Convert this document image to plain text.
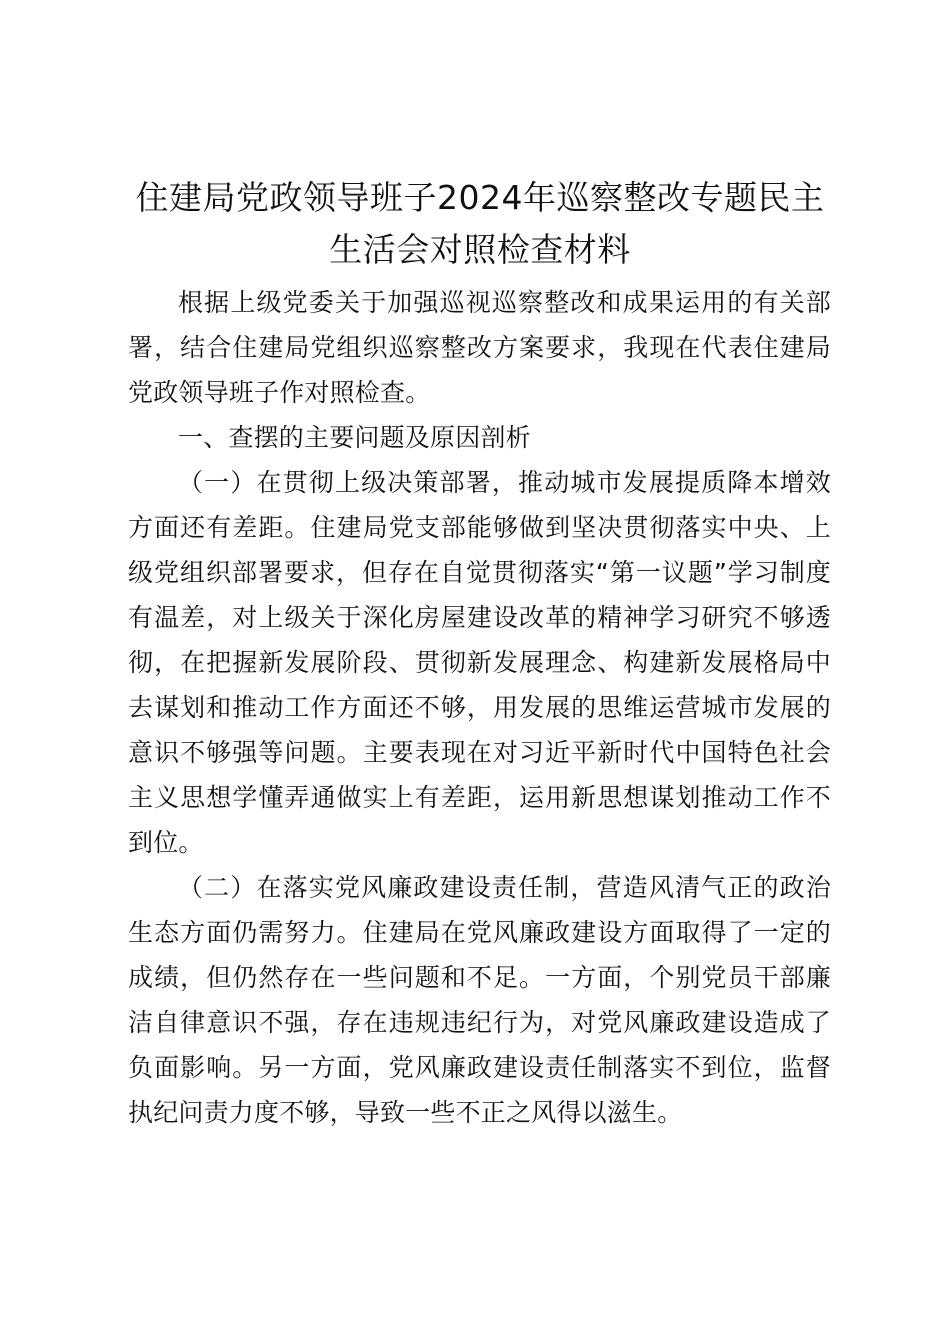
住建局党政领导班子2024年巡察整改专题民主生活会对照检查材料

根据上级党委关于加强巡视巡察整改和成果运用的有关部署，结合住建局党组织巡察整改方案要求，我现在代表住建局党政领导班子作对照检查。

一、查摆的主要问题及原因剖析

（一）在贯彻上级决策部署，推动城市发展提质降本增效方面还有差距。住建局党支部能够做到坚决贯彻落实中央、上级党组织部署要求，但存在自觉贯彻落实“第一议题”学习制度有温差，对上级关于深化房屋建设改革的精神学习研究不够透彻，在把握新发展阶段、贯彻新发展理念、构建新发展格局中去谋划和推动工作方面还不够，用发展的思维运营城市发展的意识不够强等问题。主要表现在对习近平新时代中国特色社会主义思想学懂弄通做实上有差距，运用新思想谋划推动工作不到位。

（二）在落实党风廉政建设责任制，营造风清气正的政治生态方面仍需努力。住建局在党风廉政建设方面取得了一定的成绩，但仍然存在一些问题和不足。一方面，个别党员干部廉洁自律意识不强，存在违规违纪行为，对党风廉政建设造成了负面影响。另一方面，党风廉政建设责任制落实不到位，监督执纪问责力度不够，导致一些不正之风得以滋生。
